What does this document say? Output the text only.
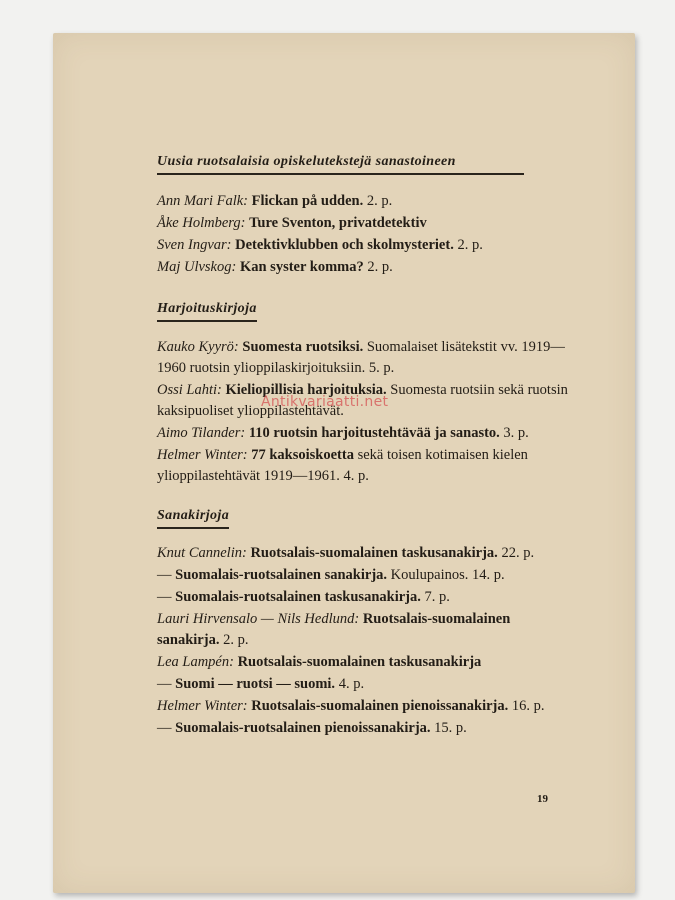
Uusia ruotsalaisia opiskelutekstejä sanastoineen
Ann Mari Falk: Flickan på udden. 2. p.
Åke Holmberg: Ture Sventon, privatdetektiv
Sven Ingvar: Detektivklubben och skolmysteriet. 2. p.
Maj Ulvskog: Kan syster komma? 2. p.
Harjoituskirjoja
Kauko Kyyrö: Suomesta ruotsiksi. Suomalaiset lisätekstit vv. 1919—1960 ruotsin ylioppilaskirjoituksiin. 5. p.
Ossi Lahti: Kieliopillisia harjoituksia. Suomesta ruotsiin sekä ruotsin kaksipuoliset ylioppilastehtävät.
Aimo Tilander: 110 ruotsin harjoitustehtävää ja sanasto. 3. p.
Helmer Winter: 77 kaksoiskoetta sekä toisen kotimaisen kielen ylioppilastehtävät 1919—1961. 4. p.
Sanakirjoja
Knut Cannelin: Ruotsalais-suomalainen taskusanakirja. 22. p.
— Suomalais-ruotsalainen sanakirja. Koulupainos. 14. p.
— Suomalais-ruotsalainen taskusanakirja. 7. p.
Lauri Hirvensalo — Nils Hedlund: Ruotsalais-suomalainen sanakirja. 2. p.
Lea Lampén: Ruotsalais-suomalainen taskusanakirja
— Suomi — ruotsi — suomi. 4. p.
Helmer Winter: Ruotsalais-suomalainen pienoissanakirja. 16. p.
— Suomalais-ruotsalainen pienoissanakirja. 15. p.
19
Antikvariaatti.net
